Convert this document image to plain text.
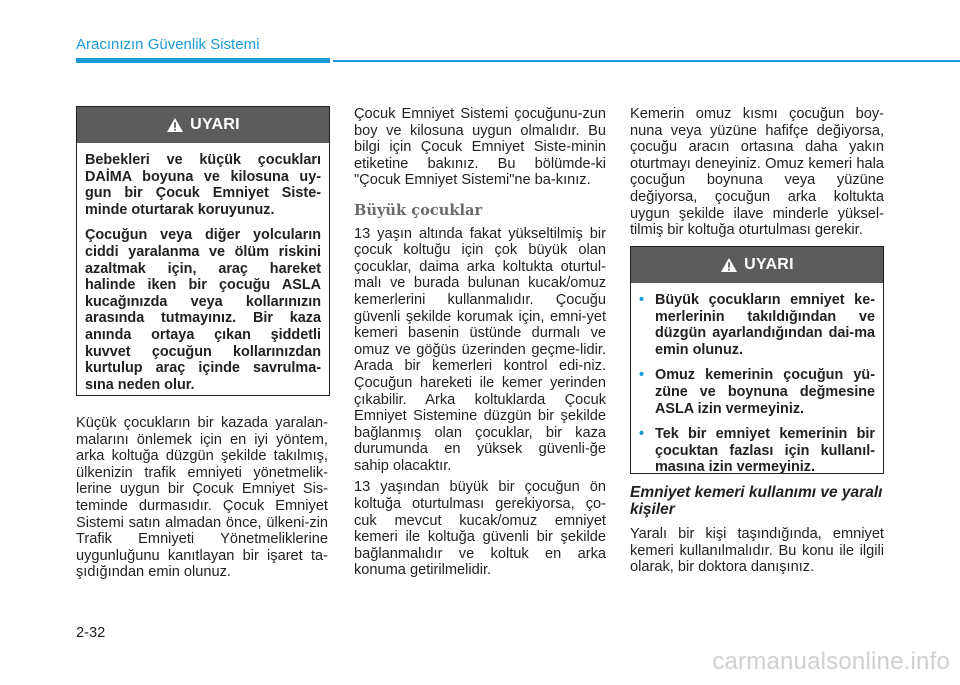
Aracınızın Güvenlik Sistemi
UYARI

Bebekleri ve küçük çocukları DAİMA boyuna ve kilosuna uy-gun bir Çocuk Emniyet Siste-minde oturtarak koruyunuz.

Çocuğun veya diğer yolcuların ciddi yaralanma ve ölüm riskini azaltmak için, araç hareket halinde iken bir çocuğu ASLA kucağınızda veya kollarınızın arasında tutmayınız. Bir kaza anında ortaya çıkan şiddetli kuvvet çocuğun kollarınızdan kurtulup araç içinde savrulma-sına neden olur.

Küçük çocukların bir kazada yaralan-malarını önlemek için en iyi yöntem, arka koltuğa düzgün şekilde takılmış, ülkenizin trafik emniyeti yönetmelik-lerine uygun bir Çocuk Emniyet Sis-teminde durmasıdır. Çocuk Emniyet Sistemi satın almadan önce, ülkeni-zin Trafik Emniyeti Yönetmeliklerine uygunluğunu kanıtlayan bir işaret ta-şıdığından emin olunuz.

Çocuk Emniyet Sistemi çocuğunu-zun boy ve kilosuna uygun olmalıdır. Bu bilgi için Çocuk Emniyet Siste-minin etiketine bakınız. Bu bölümde-ki "Çocuk Emniyet Sistemi"ne ba-kınız.

Büyük çocuklar

13 yaşın altında fakat yükseltilmiş bir çocuk koltuğu için çok büyük olan çocuklar, daima arka koltukta oturtul-malı ve burada bulunan kucak/omuz kemerlerini kullanmalıdır. Çocuğu güvenli şekilde korumak için, emni-yet kemeri basenin üstünde durmalı ve omuz ve göğüs üzerinden geçme-lidir. Arada bir kemerleri kontrol edi-niz. Çocuğun hareketi ile kemer yerinden çıkabilir. Arka koltuklarda Çocuk Emniyet Sistemine düzgün bir şekilde bağlanmış olan çocuklar, bir kaza durumunda en yüksek güvenli-ğe sahip olacaktır.

13 yaşından büyük bir çocuğun ön koltuğa oturtulması gerekiyorsa, ço-cuk mevcut kucak/omuz emniyet kemeri ile koltuğa güvenli bir şekilde bağlanmalıdır ve koltuk en arka konuma getirilmelidir.

Kemerin omuz kısmı çocuğun boy-nuna veya yüzüne hafifçe değiyorsa, çocuğu aracın ortasına daha yakın oturtmayı deneyiniz. Omuz kemeri hala çocuğun boynuna veya yüzüne değiyorsa, çocuğun arka koltukta uygun şekilde ilave minderle yüksel-tilmiş bir koltuğa oturtulması gerekir.

UYARI
• Büyük çocukların emniyet ke-merlerinin takıldığından ve düzgün ayarlandığından dai-ma emin olunuz.
• Omuz kemerinin çocuğun yü-züne ve boynuna değmesine ASLA izin vermeyiniz.
• Tek bir emniyet kemerinin bir çocuktan fazlası için kullanıl-masına izin vermeyiniz.

Emniyet kemeri kullanımı ve yaralı kişiler

Yaralı bir kişi taşındığında, emniyet kemeri kullanılmalıdır. Bu konu ile ilgili olarak, bir doktora danışınız.

2-32
carmanualsonline.info
